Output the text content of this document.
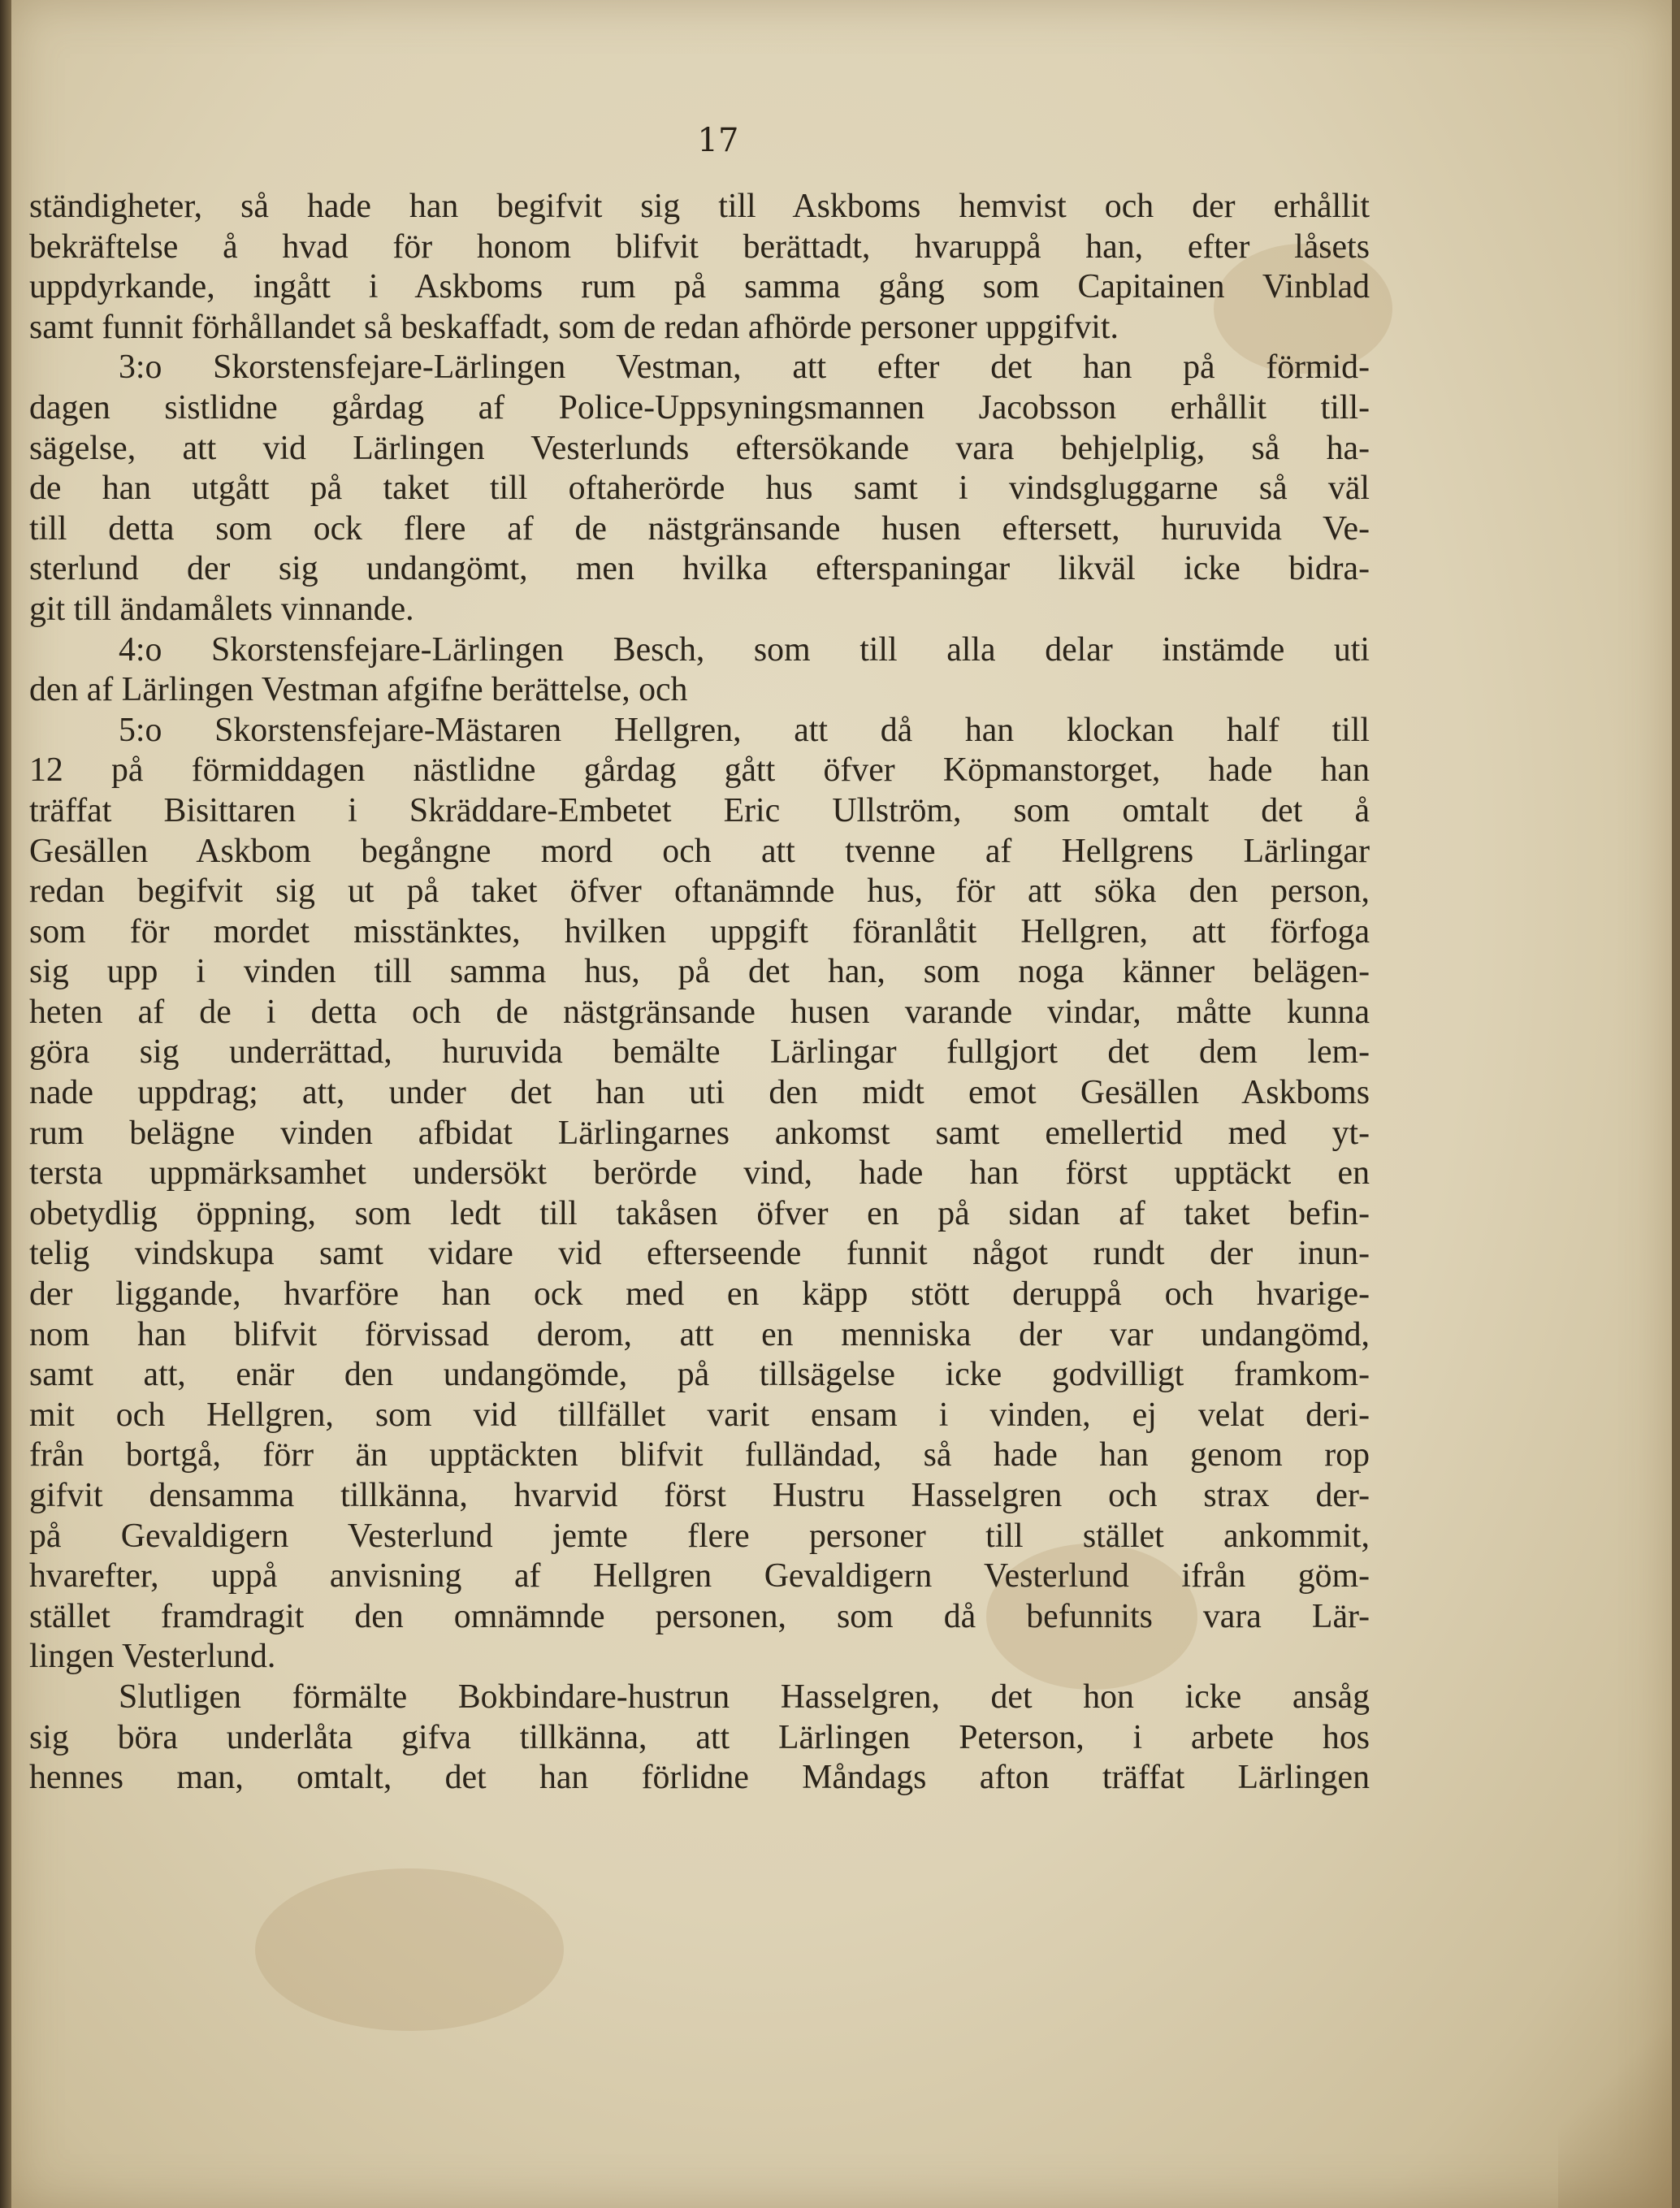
17
ständigheter, så hade han begifvit sig till Askboms hemvist och der erhållit
bekräftelse å hvad för honom blifvit berättadt, hvaruppå han, efter låsets
uppdyrkande, ingått i Askboms rum på samma gång som Capitainen Vinblad
samt funnit förhållandet så beskaffadt, som de redan afhörde personer uppgifvit.
3:o Skorstensfejare-Lärlingen Vestman, att efter det han på förmid-
dagen sistlidne gårdag af Police-Uppsyningsmannen Jacobsson erhållit till-
sägelse, att vid Lärlingen Vesterlunds eftersökande vara behjelplig, så ha-
de han utgått på taket till oftaherörde hus samt i vindsgluggarne så väl
till detta som ock flere af de nästgränsande husen eftersett, huruvida Ve-
sterlund der sig undangömt, men hvilka efterspaningar likväl icke bidra-
git till ändamålets vinnande.
4:o Skorstensfejare-Lärlingen Besch, som till alla delar instämde uti
den af Lärlingen Vestman afgifne berättelse, och
5:o Skorstensfejare-Mästaren Hellgren, att då han klockan half till
12 på förmiddagen nästlidne gårdag gått öfver Köpmanstorget, hade han
träffat Bisittaren i Skräddare-Embetet Eric Ullström, som omtalt det å
Gesällen Askbom begångne mord och att tvenne af Hellgrens Lärlingar
redan begifvit sig ut på taket öfver oftanämnde hus, för att söka den person,
som för mordet misstänktes, hvilken uppgift föranlåtit Hellgren, att förfoga
sig upp i vinden till samma hus, på det han, som noga känner belägen-
heten af de i detta och de nästgränsande husen varande vindar, måtte kunna
göra sig underrättad, huruvida bemälte Lärlingar fullgjort det dem lem-
nade uppdrag; att, under det han uti den midt emot Gesällen Askboms
rum belägne vinden afbidat Lärlingarnes ankomst samt emellertid med yt-
tersta uppmärksamhet undersökt berörde vind, hade han först upptäckt en
obetydlig öppning, som ledt till takåsen öfver en på sidan af taket befin-
telig vindskupa samt vidare vid efterseende funnit något rundt der inun-
der liggande, hvarföre han ock med en käpp stött deruppå och hvarige-
nom han blifvit förvissad derom, att en menniska der var undangömd,
samt att, enär den undangömde, på tillsägelse icke godvilligt framkom-
mit och Hellgren, som vid tillfället varit ensam i vinden, ej velat deri-
från bortgå, förr än upptäckten blifvit fulländad, så hade han genom rop
gifvit densamma tillkänna, hvarvid först Hustru Hasselgren och strax der-
på Gevaldigern Vesterlund jemte flere personer till stället ankommit,
hvarefter, uppå anvisning af Hellgren Gevaldigern Vesterlund ifrån göm-
stället framdragit den omnämnde personen, som då befunnits vara Lär-
lingen Vesterlund.
Slutligen förmälte Bokbindare-hustrun Hasselgren, det hon icke ansåg
sig böra underlåta gifva tillkänna, att Lärlingen Peterson, i arbete hos
hennes man, omtalt, det han förlidne Måndags afton träffat Lärlingen
